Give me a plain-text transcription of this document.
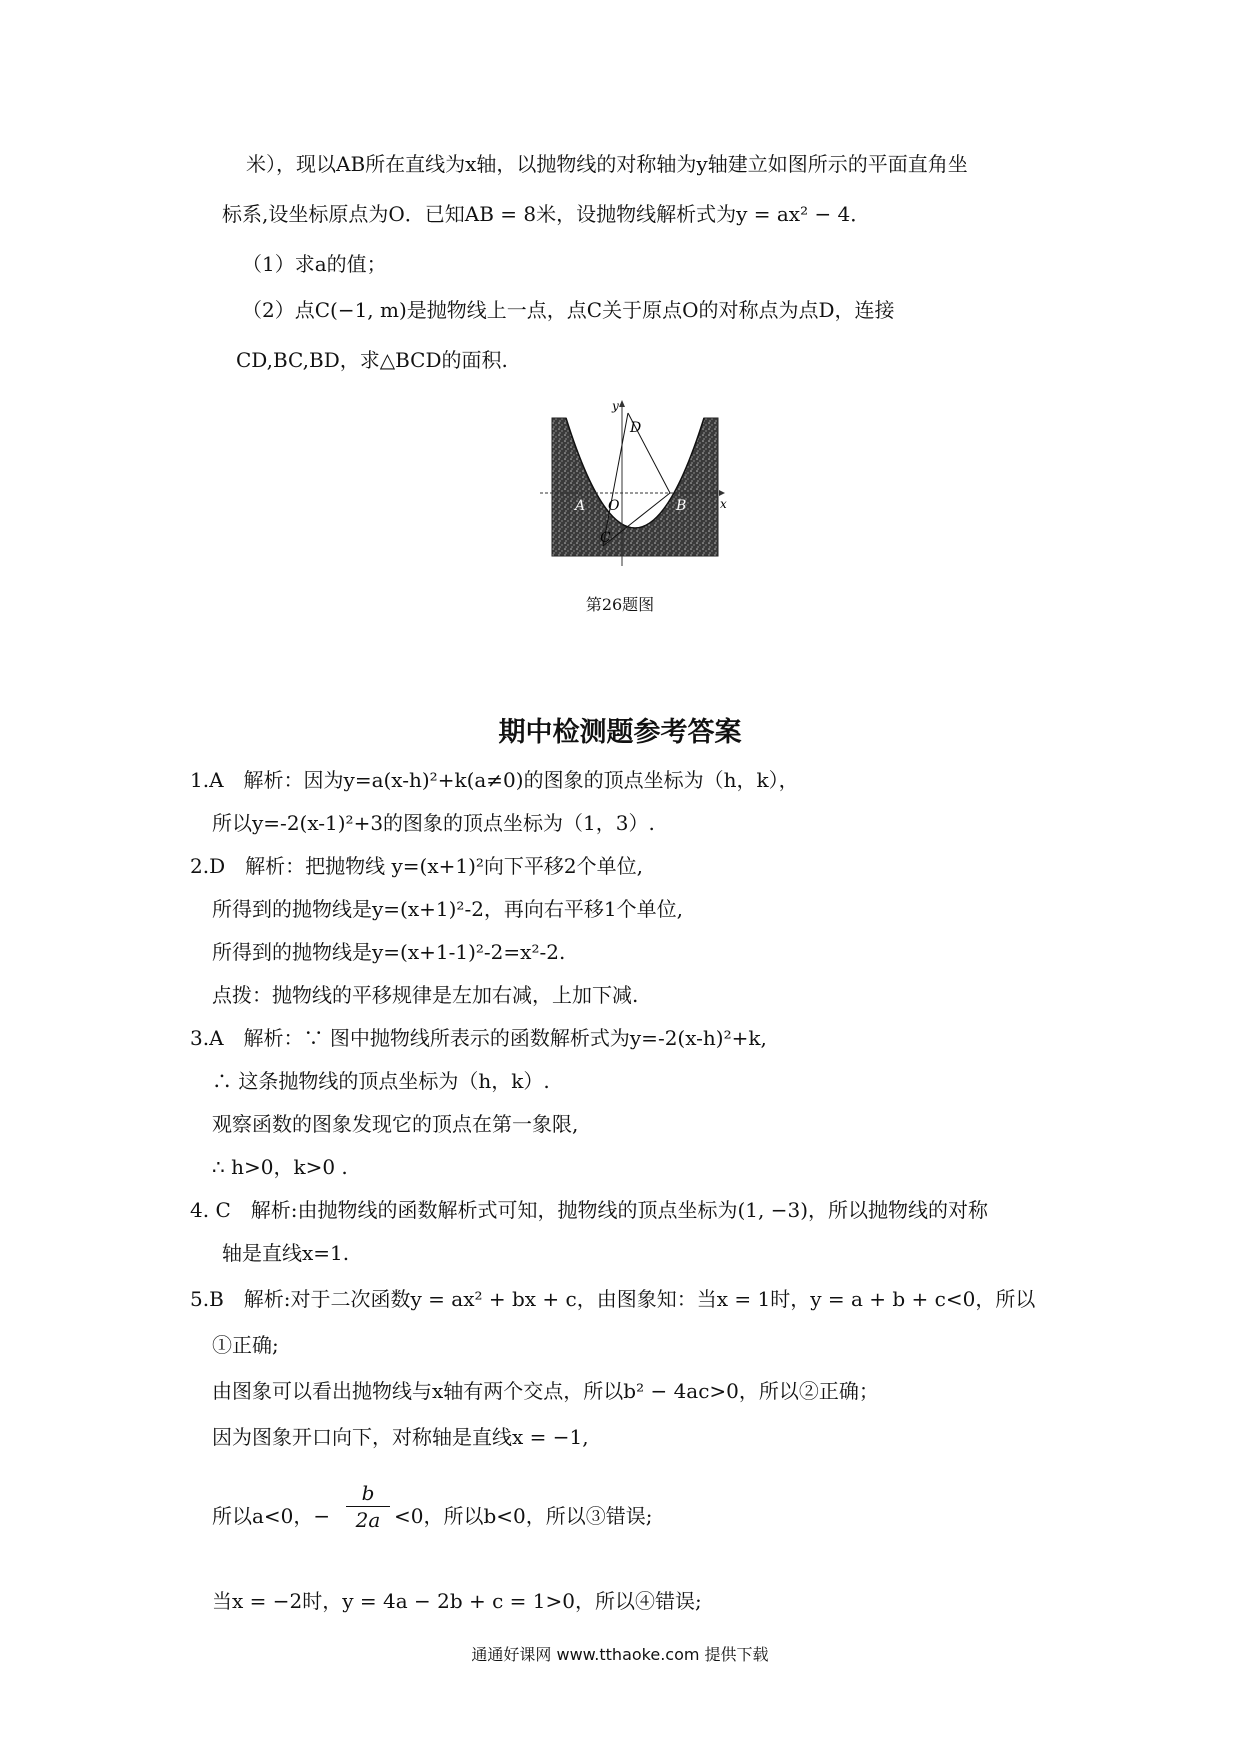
米），现以AB所在直线为x轴，以抛物线的对称轴为y轴建立如图所示的平面直角坐
标系,设坐标原点为O．已知AB = 8米，设抛物线解析式为y = ax² − 4．
（1）求a的值；
（2）点C(−1, m)是抛物线上一点，点C关于原点O的对称点为点D，连接
CD,BC,BD，求△BCD的面积.
y
x
D
A O	B
C
第26题图
期中检测题参考答案
1.A　解析：因为y=a(x-h)²+k(a≠0)的图象的顶点坐标为（h，k），
所以y=-2(x-1)²+3的图象的顶点坐标为（1，3）.
2.D　解析：把抛物线 y=(x+1)²向下平移2个单位,
所得到的抛物线是y=(x+1)²-2，再向右平移1个单位,
所得到的抛物线是y=(x+1-1)²-2=x²-2.
点拨：抛物线的平移规律是左加右减，上加下减.
3.A　解析：∵ 图中抛物线所表示的函数解析式为y=-2(x-h)²+k,
∴ 这条抛物线的顶点坐标为（h，k）.
观察函数的图象发现它的顶点在第一象限,
∴ h>0，k>0 .
4. C　解析:由抛物线的函数解析式可知，抛物线的顶点坐标为(1, −3)，所以抛物线的对称
轴是直线x=1.
5.B　解析:对于二次函数y = ax² + bx + c，由图象知：当x = 1时，y = a + b + c<0，所以
①正确;
由图象可以看出抛物线与x轴有两个交点，所以b² − 4ac>0，所以②正确；
因为图象开口向下，对称轴是直线x = −1,
所以a<0，− $\frac{b}{2a} <0$，所以b<0，所以③错误;
当x = −2时，y = 4a − 2b + c = 1>0，所以④错误;
通通好课网 www.tthaoke.com 提供下载
